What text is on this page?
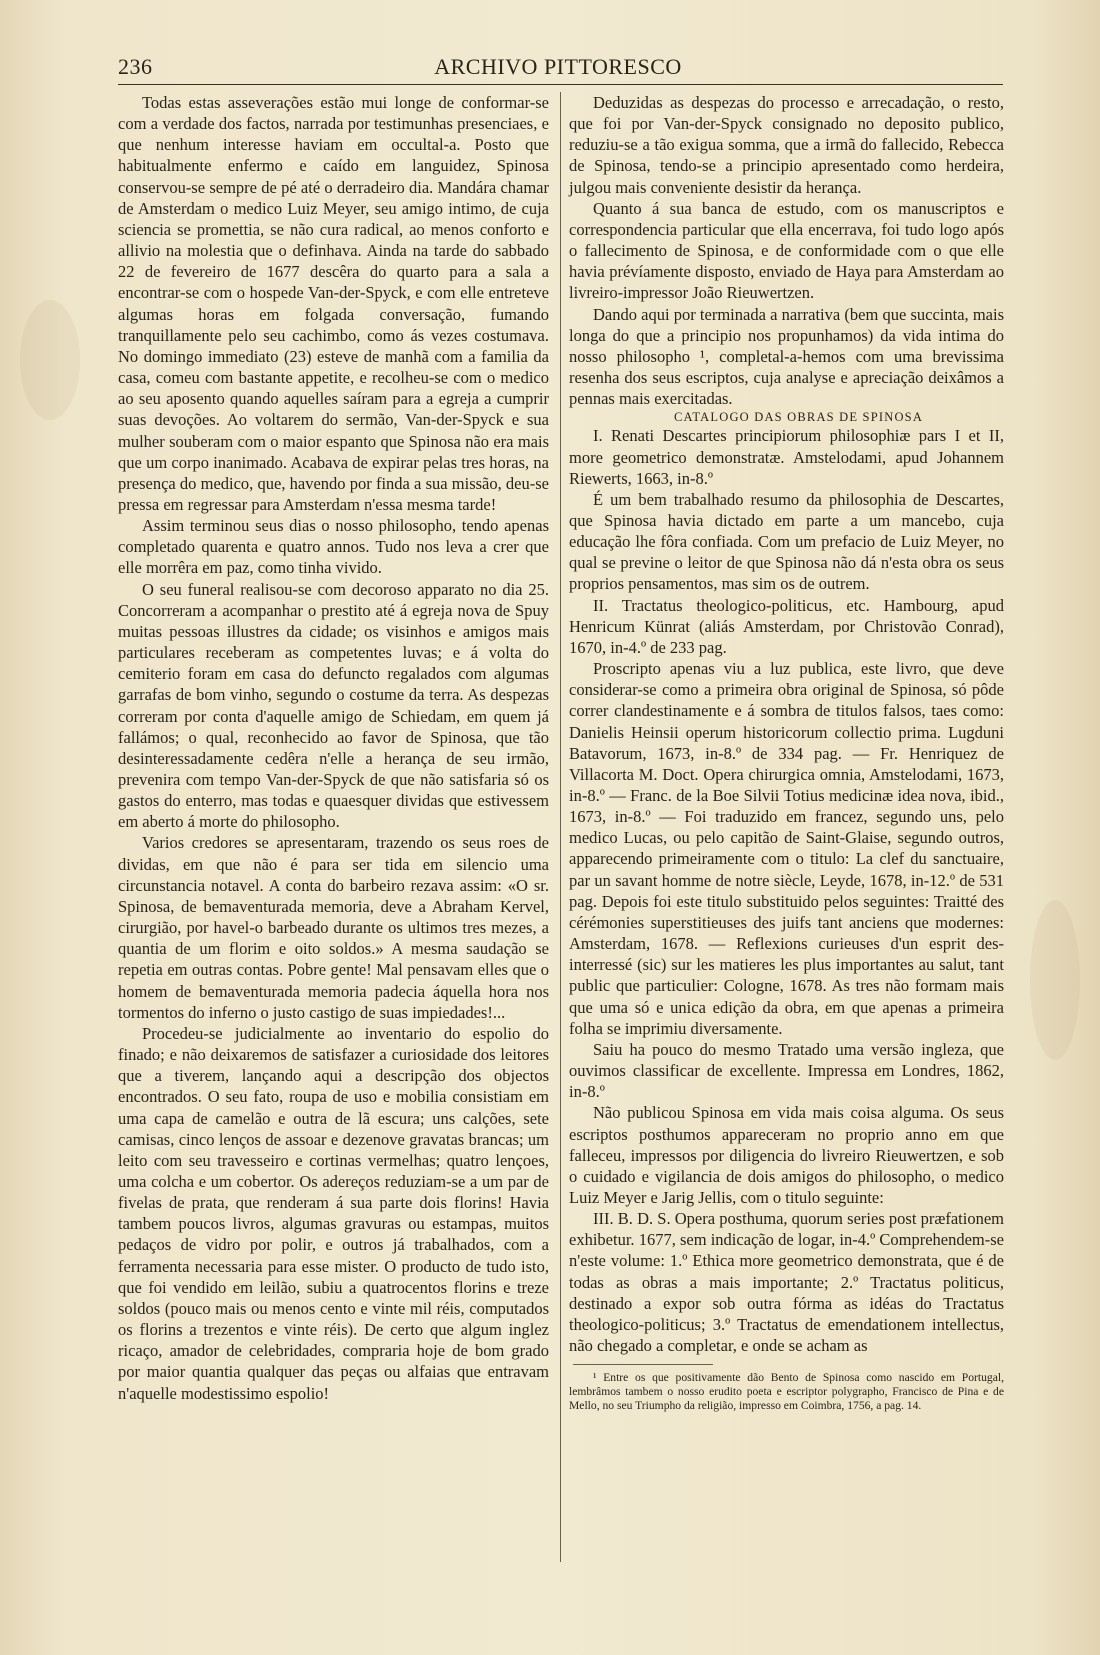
236	ARCHIVO PITTORESCO

Todas estas asseverações estão mui longe de conformar-se com a verdade dos factos, narrada por testimunhas presenciaes, e que nenhum interesse haviam em occultal-a. Posto que habitualmente enfermo e caído em languidez, Spinosa conservou-se sempre de pé até o derradeiro dia. Mandára chamar de Amsterdam o medico Luiz Meyer, seu amigo intimo, de cuja sciencia se promettia, se não cura radical, ao menos conforto e allivio na molestia que o definhava. Ainda na tarde do sabbado 22 de fevereiro de 1677 descêra do quarto para a sala a encontrar-se com o hospede Van-der-Spyck, e com elle entreteve algumas horas em folgada conversação, fumando tranquillamente pelo seu cachimbo, como ás vezes costumava. No domingo immediato (23) esteve de manhã com a familia da casa, comeu com bastante appetite, e recolheu-se com o medico ao seu aposento quando aquelles saíram para a egreja a cumprir suas devoções. Ao voltarem do sermão, Van-der-Spyck e sua mulher souberam com o maior espanto que Spinosa não era mais que um corpo inanimado. Acabava de expirar pelas tres horas, na presença do medico, que, havendo por finda a sua missão, deu-se pressa em regressar para Amsterdam n'essa mesma tarde!

Assim terminou seus dias o nosso philosopho, tendo apenas completado quarenta e quatro annos. Tudo nos leva a crer que elle morrêra em paz, como tinha vivido.

O seu funeral realisou-se com decoroso apparato no dia 25. Concorreram a acompanhar o prestito até á egreja nova de Spuy muitas pessoas illustres da cidade; os visinhos e amigos mais particulares receberam as competentes luvas; e á volta do cemiterio foram em casa do defuncto regalados com algumas garrafas de bom vinho, segundo o costume da terra. As despezas correram por conta d'aquelle amigo de Schiedam, em quem já fallámos; o qual, reconhecido ao favor de Spinosa, que tão desinteressadamente cedêra n'elle a herança de seu irmão, prevenira com tempo Van-der-Spyck de que não satisfaria só os gastos do enterro, mas todas e quaesquer dividas que estivessem em aberto á morte do philosopho.

Varios credores se apresentaram, trazendo os seus roes de dividas, em que não é para ser tida em silencio uma circunstancia notavel. A conta do barbeiro rezava assim: «O sr. Spinosa, de bemaventurada memoria, deve a Abraham Kervel, cirurgião, por havel-o barbeado durante os ultimos tres mezes, a quantia de um florim e oito soldos.» A mesma saudação se repetia em outras contas. Pobre gente! Mal pensavam elles que o homem de bemaventurada memoria padecia áquella hora nos tormentos do inferno o justo castigo de suas impiedades!...

Procedeu-se judicialmente ao inventario do espolio do finado; e não deixaremos de satisfazer a curiosidade dos leitores que a tiverem, lançando aqui a descripção dos objectos encontrados. O seu fato, roupa de uso e mobilia consistiam em uma capa de camelão e outra de lã escura; uns calções, sete camisas, cinco lenços de assoar e dezenove gravatas brancas; um leito com seu travesseiro e cortinas vermelhas; quatro lençoes, uma colcha e um cobertor. Os adereços reduziam-se a um par de fivelas de prata, que renderam á sua parte dois florins! Havia tambem poucos livros, algumas gravuras ou estampas, muitos pedaços de vidro por polir, e outros já trabalhados, com a ferramenta necessaria para esse mister. O producto de tudo isto, que foi vendido em leilão, subiu a quatrocentos florins e treze soldos (pouco mais ou menos cento e vinte mil réis, computados os florins a trezentos e vinte réis). De certo que algum inglez ricaço, amador de celebridades, compraria hoje de bom grado por maior quantia qualquer das peças ou alfaias que entravam n'aquelle modestissimo espolio!

Deduzidas as despezas do processo e arrecadação, o resto, que foi por Van-der-Spyck consignado no deposito publico, reduziu-se a tão exigua somma, que a irmã do fallecido, Rebecca de Spinosa, tendo-se a principio apresentado como herdeira, julgou mais conveniente desistir da herança.

Quanto á sua banca de estudo, com os manuscriptos e correspondencia particular que ella encerrava, foi tudo logo após o fallecimento de Spinosa, e de conformidade com o que elle havia prévíamente disposto, enviado de Haya para Amsterdam ao livreiro-impressor João Rieuwertzen.

Dando aqui por terminada a narrativa (bem que succinta, mais longa do que a principio nos propunhamos) da vida intima do nosso philosopho ¹, completal-a-hemos com uma brevissima resenha dos seus escriptos, cuja analyse e apreciação deixâmos a pennas mais exercitadas.

CATALOGO DAS OBRAS DE SPINOSA

I. Renati Descartes principiorum philosophiæ pars I et II, more geometrico demonstratæ. Amstelodami, apud Johannem Riewerts, 1663, in-8.º

É um bem trabalhado resumo da philosophia de Descartes, que Spinosa havia dictado em parte a um mancebo, cuja educação lhe fôra confiada. Com um prefacio de Luiz Meyer, no qual se previne o leitor de que Spinosa não dá n'esta obra os seus proprios pensamentos, mas sim os de outrem.

II. Tractatus theologico-politicus, etc. Hambourg, apud Henricum Künrat (aliás Amsterdam, por Christovão Conrad), 1670, in-4.º de 233 pag.

Proscripto apenas viu a luz publica, este livro, que deve considerar-se como a primeira obra original de Spinosa, só pôde correr clandestinamente e á sombra de titulos falsos, taes como: Danielis Heinsii operum historicorum collectio prima. Lugduni Batavorum, 1673, in-8.º de 334 pag. — Fr. Henriquez de Villacorta M. Doct. Opera chirurgica omnia, Amstelodami, 1673, in-8.º — Franc. de la Boe Silvii Totius medicinæ idea nova, ibid., 1673, in-8.º — Foi traduzido em francez, segundo uns, pelo medico Lucas, ou pelo capitão de Saint-Glaise, segundo outros, apparecendo primeiramente com o titulo: La clef du sanctuaire, par un savant homme de notre siècle, Leyde, 1678, in-12.º de 531 pag. Depois foi este titulo substituido pelos seguintes: Traitté des cérémonies superstitieuses des juifs tant anciens que modernes: Amsterdam, 1678. — Reflexions curieuses d'un esprit des-interressé (sic) sur les matieres les plus importantes au salut, tant public que particulier: Cologne, 1678. As tres não formam mais que uma só e unica edição da obra, em que apenas a primeira folha se imprimiu diversamente.

Saiu ha pouco do mesmo Tratado uma versão ingleza, que ouvimos classificar de excellente. Impressa em Londres, 1862, in-8.º

Não publicou Spinosa em vida mais coisa alguma. Os seus escriptos posthumos appareceram no proprio anno em que falleceu, impressos por diligencia do livreiro Rieuwertzen, e sob o cuidado e vigilancia de dois amigos do philosopho, o medico Luiz Meyer e Jarig Jellis, com o titulo seguinte:

III. B. D. S. Opera posthuma, quorum series post præfationem exhibetur. 1677, sem indicação de logar, in-4.º Comprehendem-se n'este volume: 1.º Ethica more geometrico demonstrata, que é de todas as obras a mais importante; 2.º Tractatus politicus, destinado a expor sob outra fórma as idéas do Tractatus theologico-politicus; 3.º Tractatus de emendationem intellectus, não chegado a completar, e onde se acham as

¹ Entre os que positivamente dão Bento de Spinosa como nascido em Portugal, lembrâmos tambem o nosso erudito poeta e escriptor polygrapho, Francisco de Pina e de Mello, no seu Triumpho da religião, impresso em Coimbra, 1756, a pag. 14.
